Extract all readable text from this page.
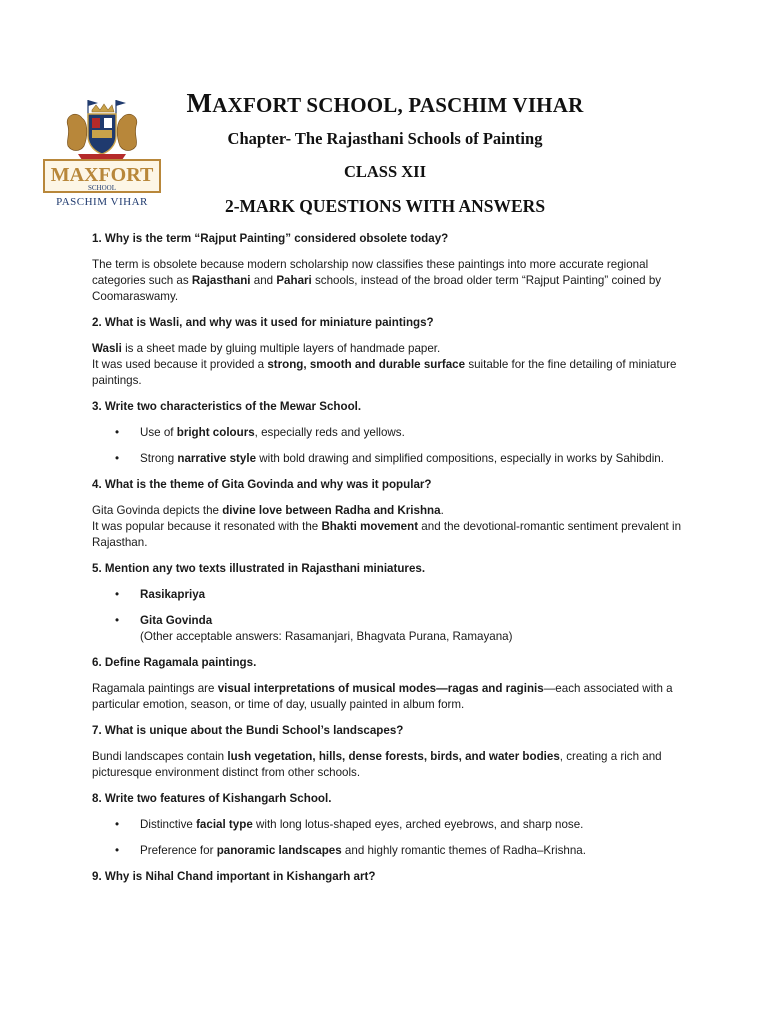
MAXFORT
SCHOOL
PASCHIM VIHAR

MAXFORT SCHOOL, PASCHIM VIHAR

Chapter- The Rajasthani Schools of Painting

CLASS XII

2-MARK QUESTIONS WITH ANSWERS

1. Why is the term “Rajput Painting” considered obsolete today?

The term is obsolete because modern scholarship now classifies these paintings into more accurate regional categories such as Rajasthani and Pahari schools, instead of the broad older term “Rajput Painting” coined by Coomaraswamy.

2. What is Wasli, and why was it used for miniature paintings?

Wasli is a sheet made by gluing multiple layers of handmade paper.
It was used because it provided a strong, smooth and durable surface suitable for the fine detailing of miniature paintings.

3. Write two characteristics of the Mewar School.

• Use of bright colours, especially reds and yellows.
• Strong narrative style with bold drawing and simplified compositions, especially in works by Sahibdin.

4. What is the theme of Gita Govinda and why was it popular?

Gita Govinda depicts the divine love between Radha and Krishna.
It was popular because it resonated with the Bhakti movement and the devotional-romantic sentiment prevalent in Rajasthan.

5. Mention any two texts illustrated in Rajasthani miniatures.

• Rasikapriya
• Gita Govinda
(Other acceptable answers: Rasamanjari, Bhagvata Purana, Ramayana)

6. Define Ragamala paintings.

Ragamala paintings are visual interpretations of musical modes—ragas and raginis—each associated with a particular emotion, season, or time of day, usually painted in album form.

7. What is unique about the Bundi School’s landscapes?

Bundi landscapes contain lush vegetation, hills, dense forests, birds, and water bodies, creating a rich and picturesque environment distinct from other schools.

8. Write two features of Kishangarh School.

• Distinctive facial type with long lotus-shaped eyes, arched eyebrows, and sharp nose.
• Preference for panoramic landscapes and highly romantic themes of Radha–Krishna.

9. Why is Nihal Chand important in Kishangarh art?
